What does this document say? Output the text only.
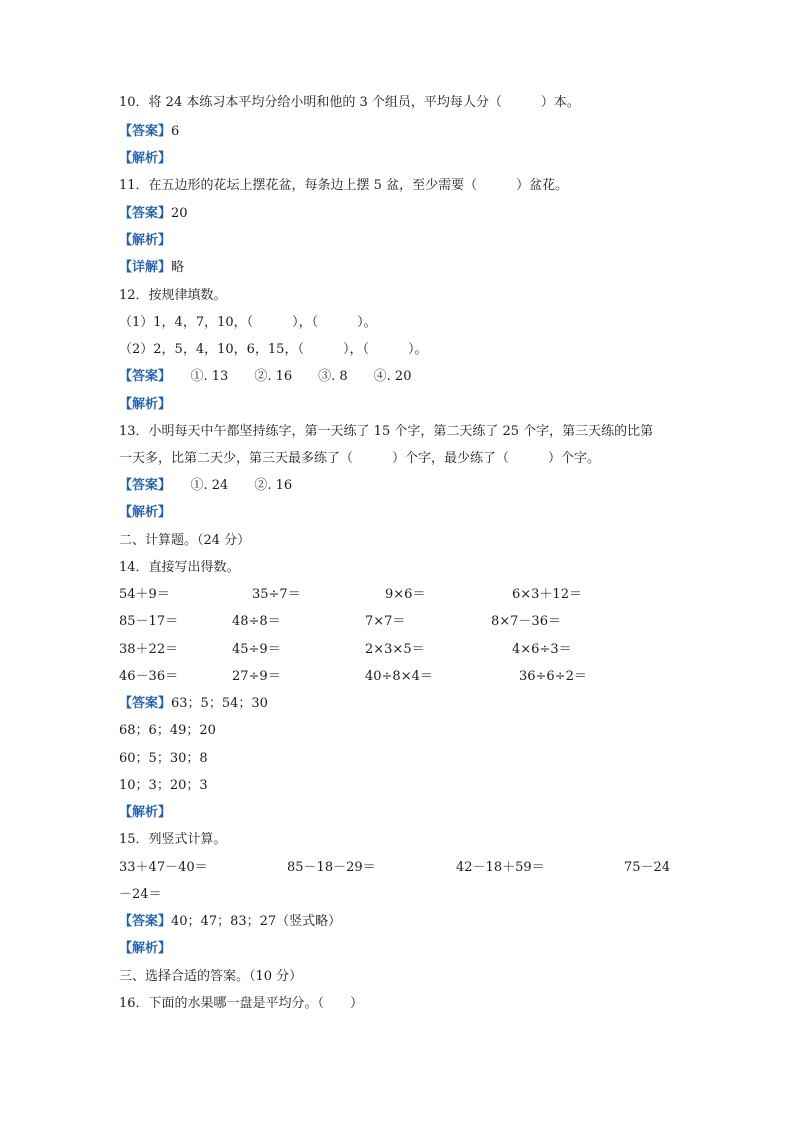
10．将 24 本练习本平均分给小明和他的 3 个组员，平均每人分（　　　）本。

【答案】6

【解析】

11．在五边形的花坛上摆花盆，每条边上摆 5 盆，至少需要（　　　）盆花。

【答案】20

【解析】

【详解】略

12．按规律填数。

（1）1，4，7，10，（　　　），（　　　）。

（2）2，5，4，10，6，15，（　　　），（　　　）。

【答案】　　①. 13　　②. 16　　③. 8　　④. 20

【解析】

13．小明每天中午都坚持练字，第一天练了 15 个字，第二天练了 25 个字，第三天练的比第

一天多，比第二天少，第三天最多练了（　　　）个字，最少练了（　　　）个字。

【答案】　　①. 24　　②. 16

【解析】

二、计算题。（24 分）

14．直接写出得数。

54＋9＝	35÷7＝	9×6＝	6×3＋12＝
85－17＝	48÷8＝	7×7＝	8×7－36＝
38＋22＝	45÷9＝	2×3×5＝	4×6÷3＝
46－36＝	27÷9＝	40÷8×4＝	36÷6÷2＝

【答案】63；5；54；30

68；6；49；20

60；5；30；8

10；3；20；3

【解析】

15．列竖式计算。

33＋47－40＝	85－18－29＝	42－18＋59＝	75－24

－24＝

【答案】40；47；83；27（竖式略）

【解析】

三、选择合适的答案。（10 分）

16．下面的水果哪一盘是平均分。（　　）
